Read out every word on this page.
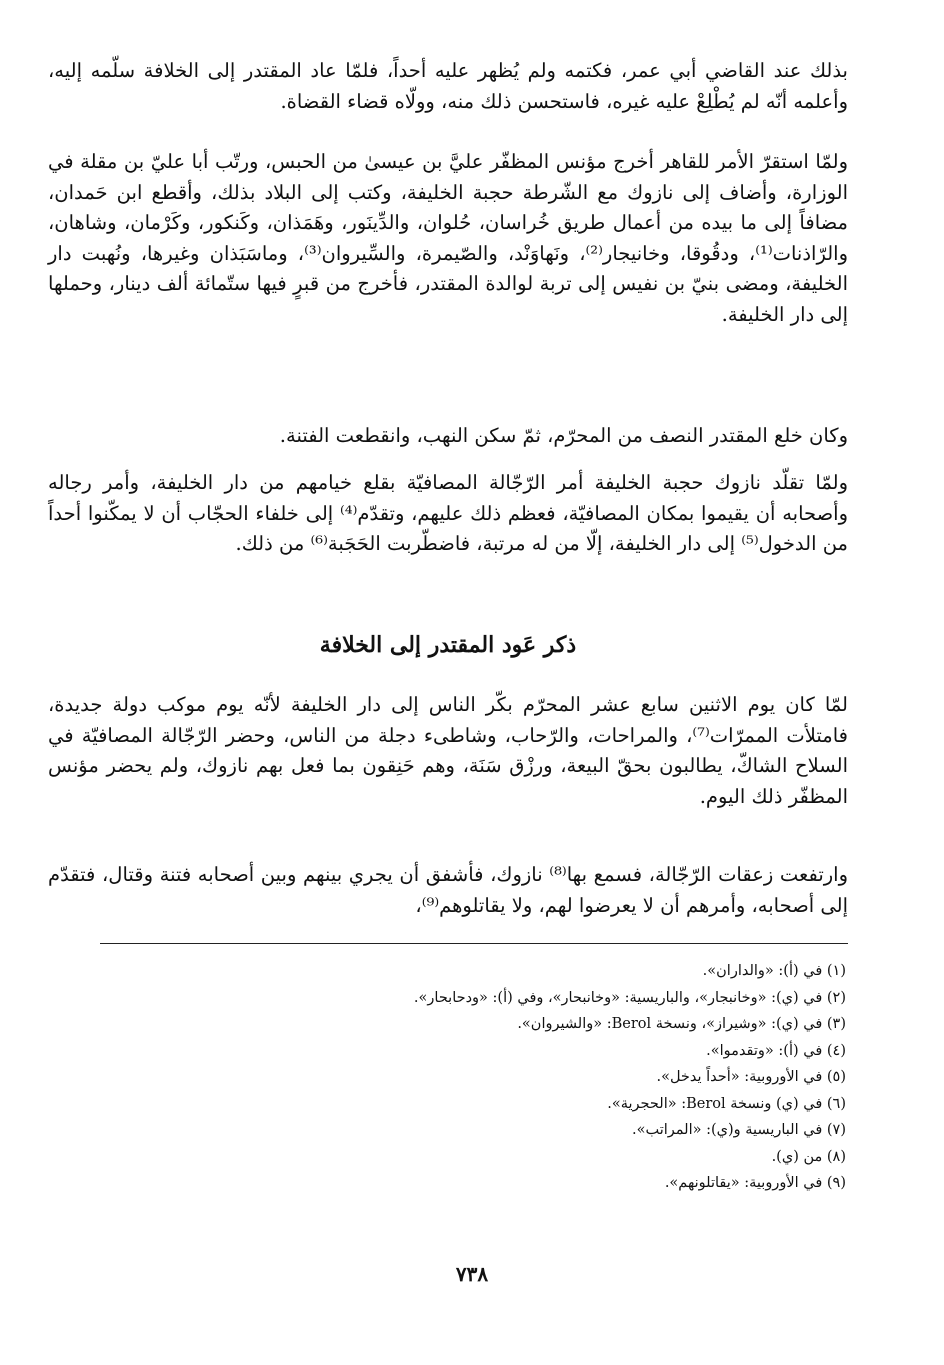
بذلك عند القاضي أبي عمر، فكتمه ولم يُظهر عليه أحداً، فلمّا عاد المقتدر إلى الخلافة سلّمه إليه، وأعلمه أنّه لم يُطْلِعْ عليه غيره، فاستحسن ذلك منه، وولّاه قضاء القضاة.

ولمّا استقرّ الأمر للقاهر أخرج مؤنس المظفّر عليَّ بن عيسىٰ من الحبس، ورتّب أبا عليّ بن مقلة في الوزارة، وأضاف إلى نازوك مع الشّرطة حجبة الخليفة، وكتب إلى البلاد بذلك، وأقطع ابن حَمدان، مضافاً إلى ما بيده من أعمال طريق خُراسان، حُلوان، والدِّينَور، وهَمَذان، وكَنكور، وكَرْمان، وشاهان، والرّاذنات⁽¹⁾، ودقُوقا، وخانيجار⁽²⁾، ونَهاوَنْد، والصّيمرة، والسِّيروان⁽³⁾، وماسَبَذان وغيرها، ونُهبت دار الخليفة، ومضى بنيّ بن نفيس إلى تربة لوالدة المقتدر، فأخرج من قبرٍ فيها ستّمائة ألف دينار، وحملها إلى دار الخليفة.

وكان خلع المقتدر النصف من المحرّم، ثمّ سكن النهب، وانقطعت الفتنة.

ولمّا تقلّد نازوك حجبة الخليفة أمر الرّجّالة المصافيّة بقلع خيامهم من دار الخليفة، وأمر رجاله وأصحابه أن يقيموا بمكان المصافيّة، فعظم ذلك عليهم، وتقدّم⁽⁴⁾ إلى خلفاء الحجّاب أن لا يمكّنوا أحداً من الدخول⁽⁵⁾ إلى دار الخليفة، إلّا من له مرتبة، فاضطّربت الحَجَبة⁽⁶⁾ من ذلك.

ذكر عَود المقتدر إلى الخلافة

لمّا كان يوم الاثنين سابع عشر المحرّم بكّر الناس إلى دار الخليفة لأنّه يوم موكب دولة جديدة، فامتلأت الممرّات⁽⁷⁾، والمراحات، والرّحاب، وشاطىء دجلة من الناس، وحضر الرّجّالة المصافيّة في السلاح الشاكّ، يطالبون بحقّ البيعة، ورزْق سَنَة، وهم حَنِقون بما فعل بهم نازوك، ولم يحضر مؤنس المظفّر ذلك اليوم.

وارتفعت زعقات الرّجّالة، فسمع بها⁽⁸⁾ نازوك، فأشفق أن يجري بينهم وبين أصحابه فتنة وقتال، فتقدّم إلى أصحابه، وأمرهم أن لا يعرضوا لهم، ولا يقاتلوهم⁽⁹⁾،

(١) في (أ): «والداران».
(٢) في (ي): «وخانبجار»، والباريسية: «وخانبحار»، وفي (أ): «ودحابحار».
(٣) في (ي): «وشيراز»، ونسخة Berol: «والشيروان».
(٤) في (أ): «وتقدموا».
(٥) في الأوروبية: «أحداً يدخل».
(٦) في (ي) ونسخة Berol: «الحجرية».
(٧) في الباريسية و(ي): «المراتب».
(٨) من (ي).
(٩) في الأوروبية: «يقاتلونهم».
٧٣٨
